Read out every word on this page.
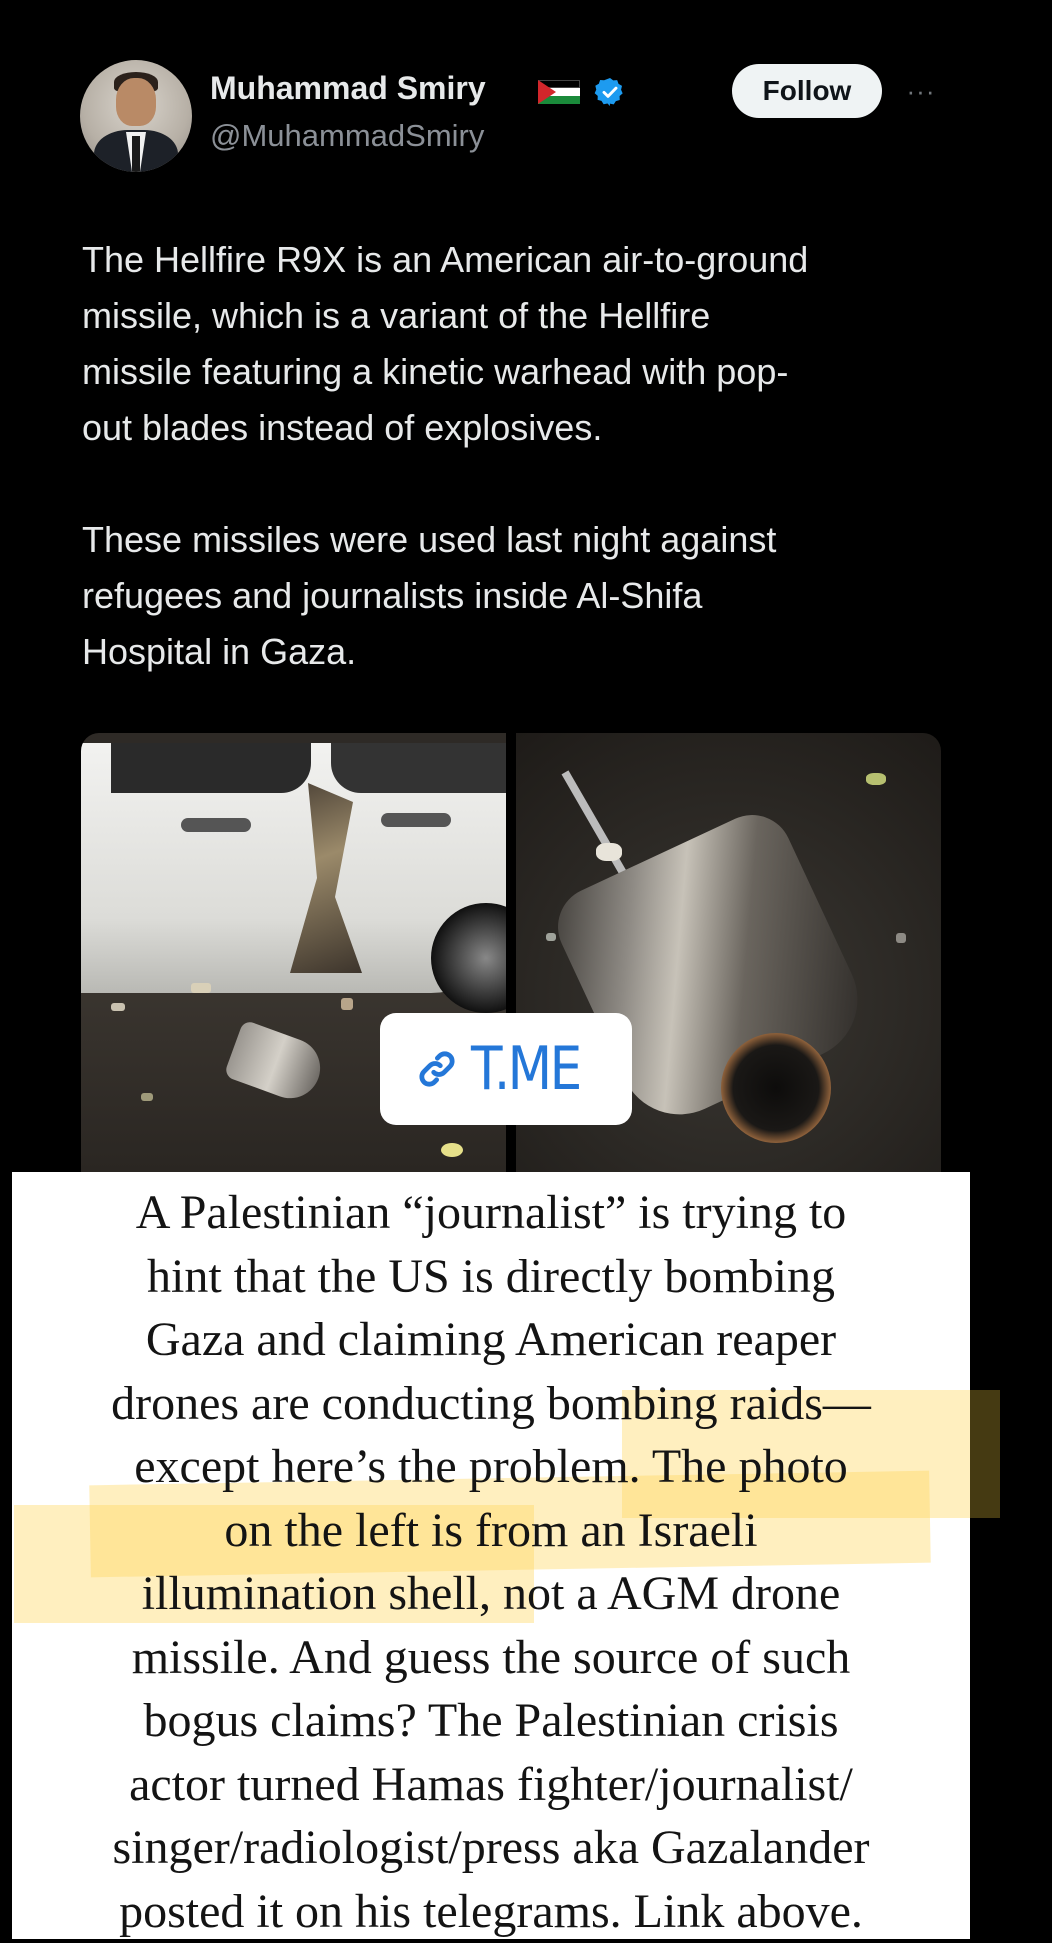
Muhammad Smiry
@MuhammadSmiry
Follow	···
The Hellfire R9X is an American air-to-ground
missile, which is a variant of the Hellfire
missile featuring a kinetic warhead with pop-
out blades instead of explosives.

These missiles were used last night against
refugees and journalists inside Al-Shifa
Hospital in Gaza.
T.ME
A Palestinian “journalist” is trying to
hint that the US is directly bombing
Gaza and claiming American reaper
drones are conducting bombing raids—
except here’s the problem. The photo
on the left is from an Israeli
illumination shell, not a AGM drone
missile. And guess the source of such
bogus claims? The Palestinian crisis
actor turned Hamas fighter/journalist/
singer/radiologist/press aka Gazalander
posted it on his telegrams. Link above.
